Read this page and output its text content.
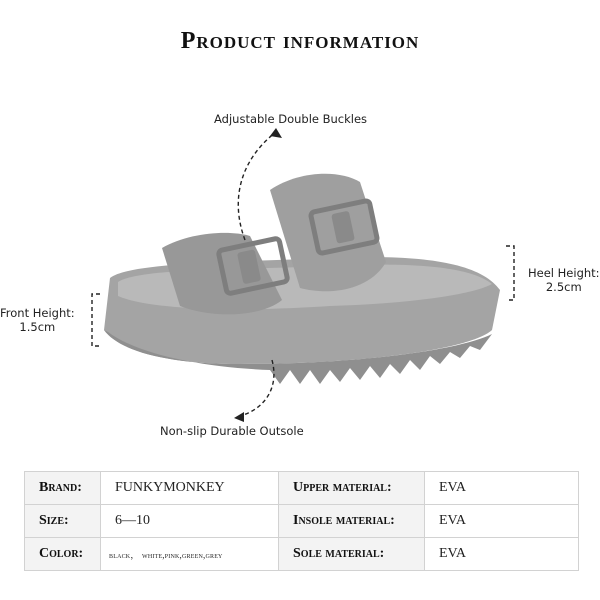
Product information
Adjustable Double Buckles
Non-slip Durable Outsole
Front Height:
1.5cm
Heel Height:
2.5cm
Brand:	FUNKYMONKEY	Upper material:	EVA
Size:	6—10	Insole material:	EVA
Color:	black， white,pink,green,grey	Sole material:	EVA
